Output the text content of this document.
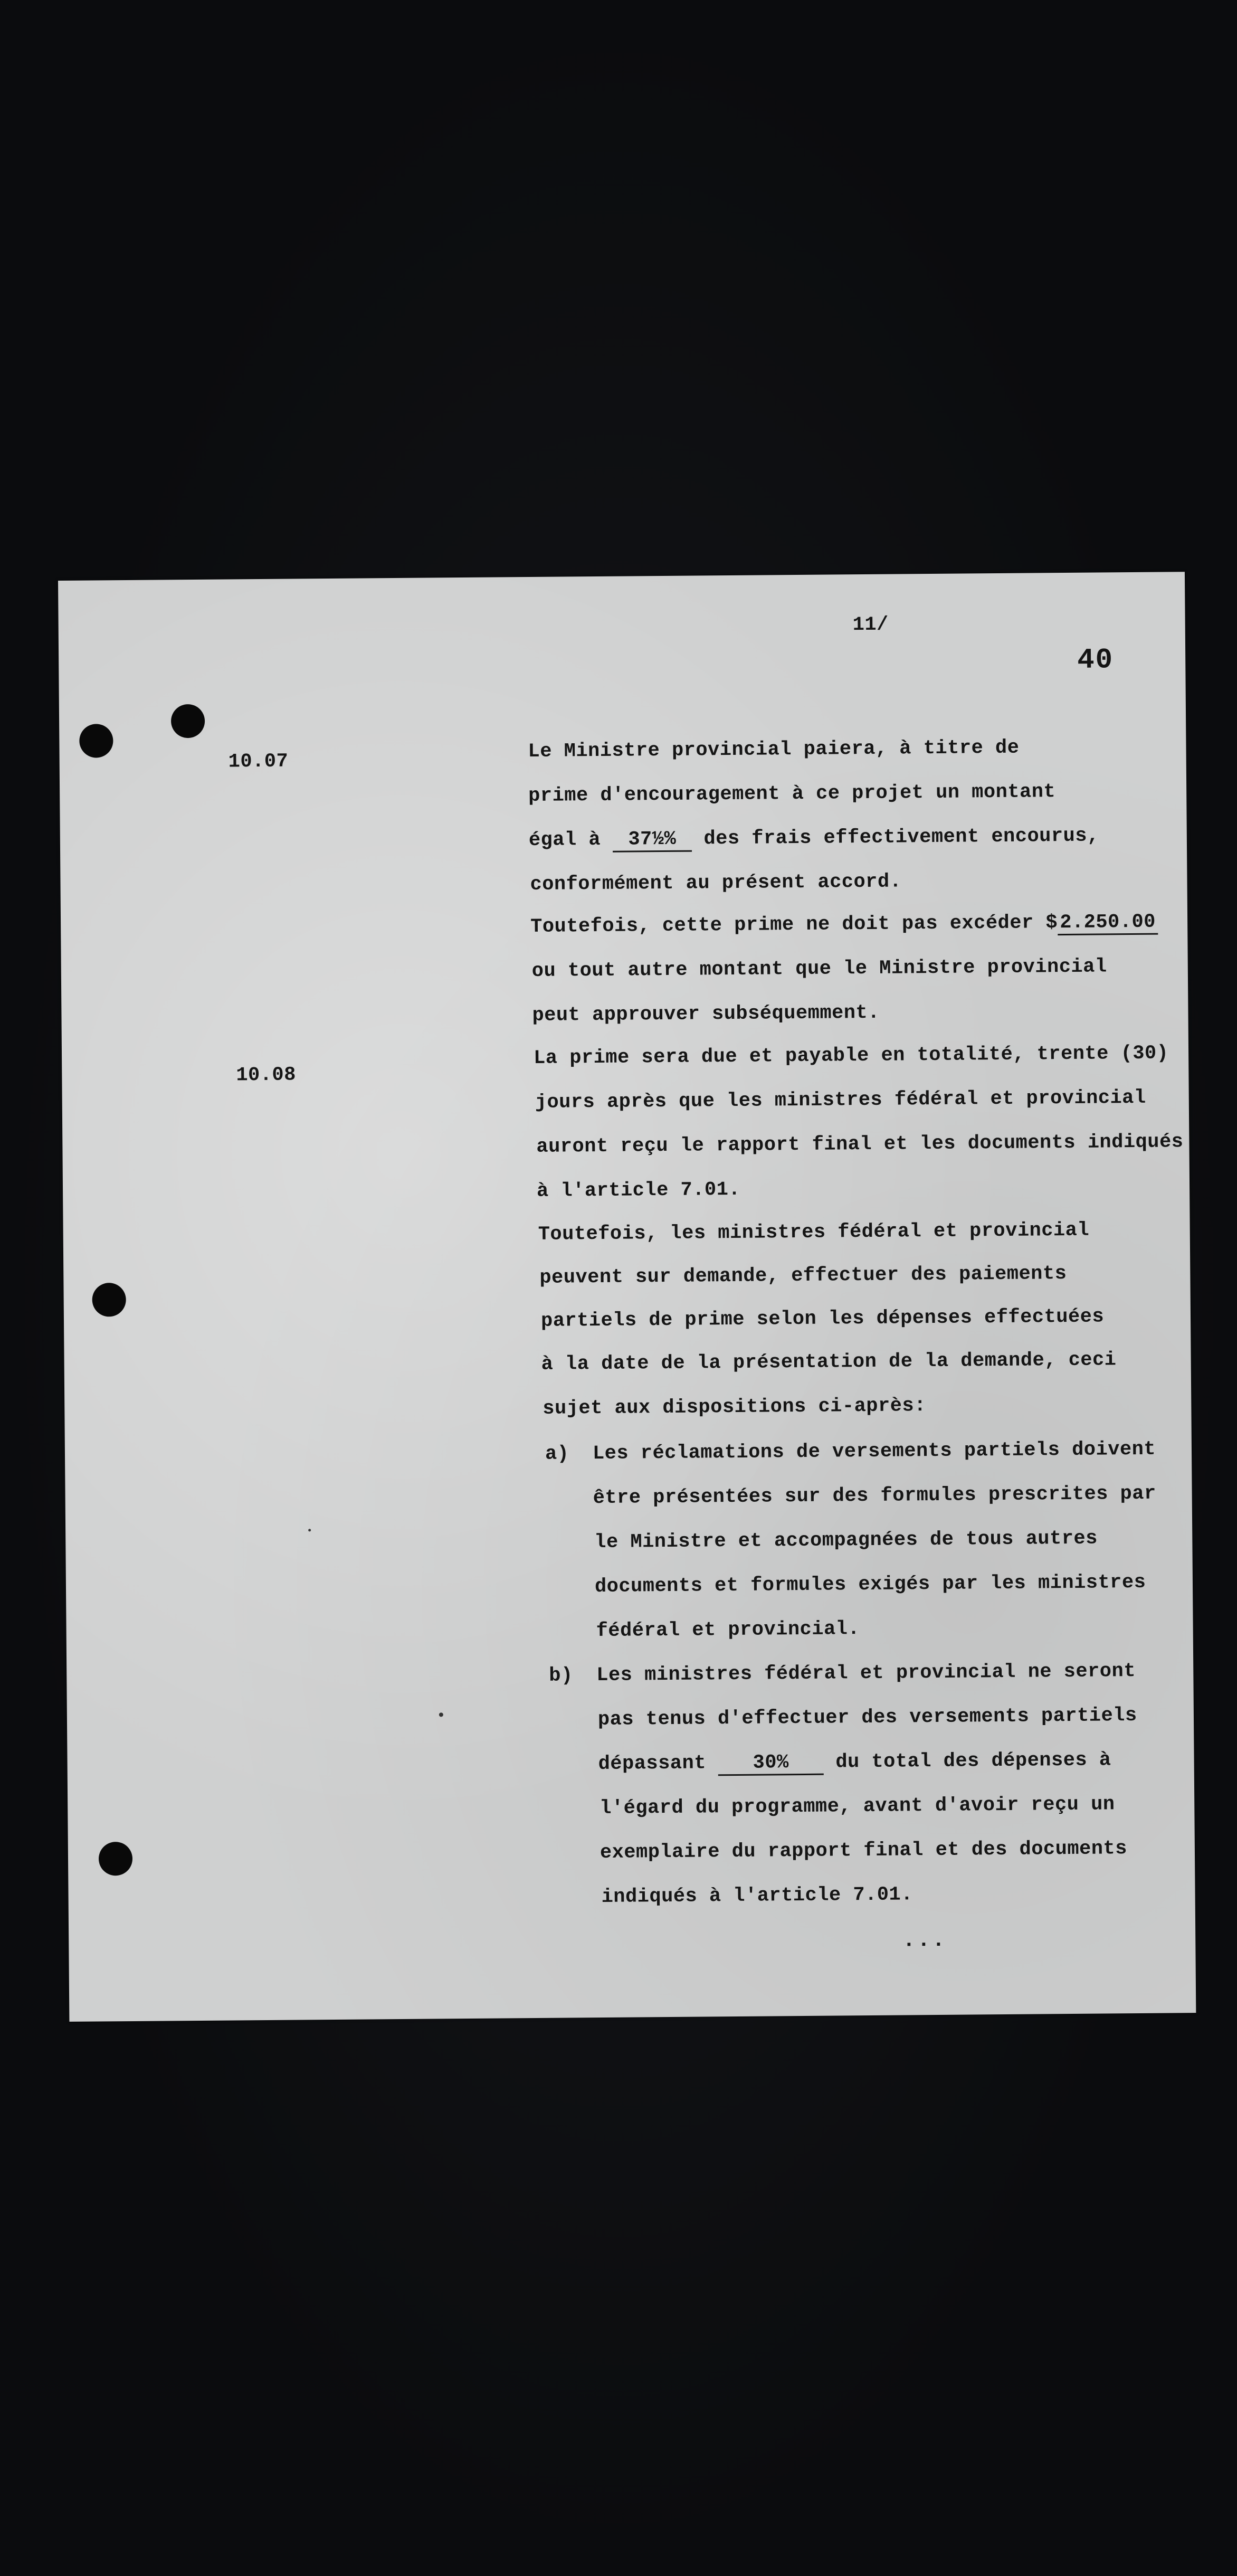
11/
40
10.07	Le Ministre provincial paiera, à titre de
prime d'encouragement à ce projet un montant
égal à 37½% des frais effectivement encourus,
conformément au présent accord.
Toutefois, cette prime ne doit pas excéder $ 2.250.00
ou tout autre montant que le Ministre provincial
peut approuver subséquemment.
10.08
La prime sera due et payable en totalité, trente (30)
jours après que les ministres fédéral et provincial
auront reçu le rapport final et les documents indiqués
à l'article 7.01.
Toutefois, les ministres fédéral et provincial
peuvent sur demande, effectuer des paiements
partiels de prime selon les dépenses effectuées
à la date de la présentation de la demande, ceci
sujet aux dispositions ci-après:
a) Les réclamations de versements partiels doivent
être présentées sur des formules prescrites par
le Ministre et accompagnées de tous autres
documents et formules exigés par les ministres
fédéral et provincial.
b) Les ministres fédéral et provincial ne seront
pas tenus d'effectuer des versements partiels
dépassant 30% du total des dépenses à
l'égard du programme, avant d'avoir reçu un
exemplaire du rapport final et des documents
indiqués à l'article 7.01.
...
